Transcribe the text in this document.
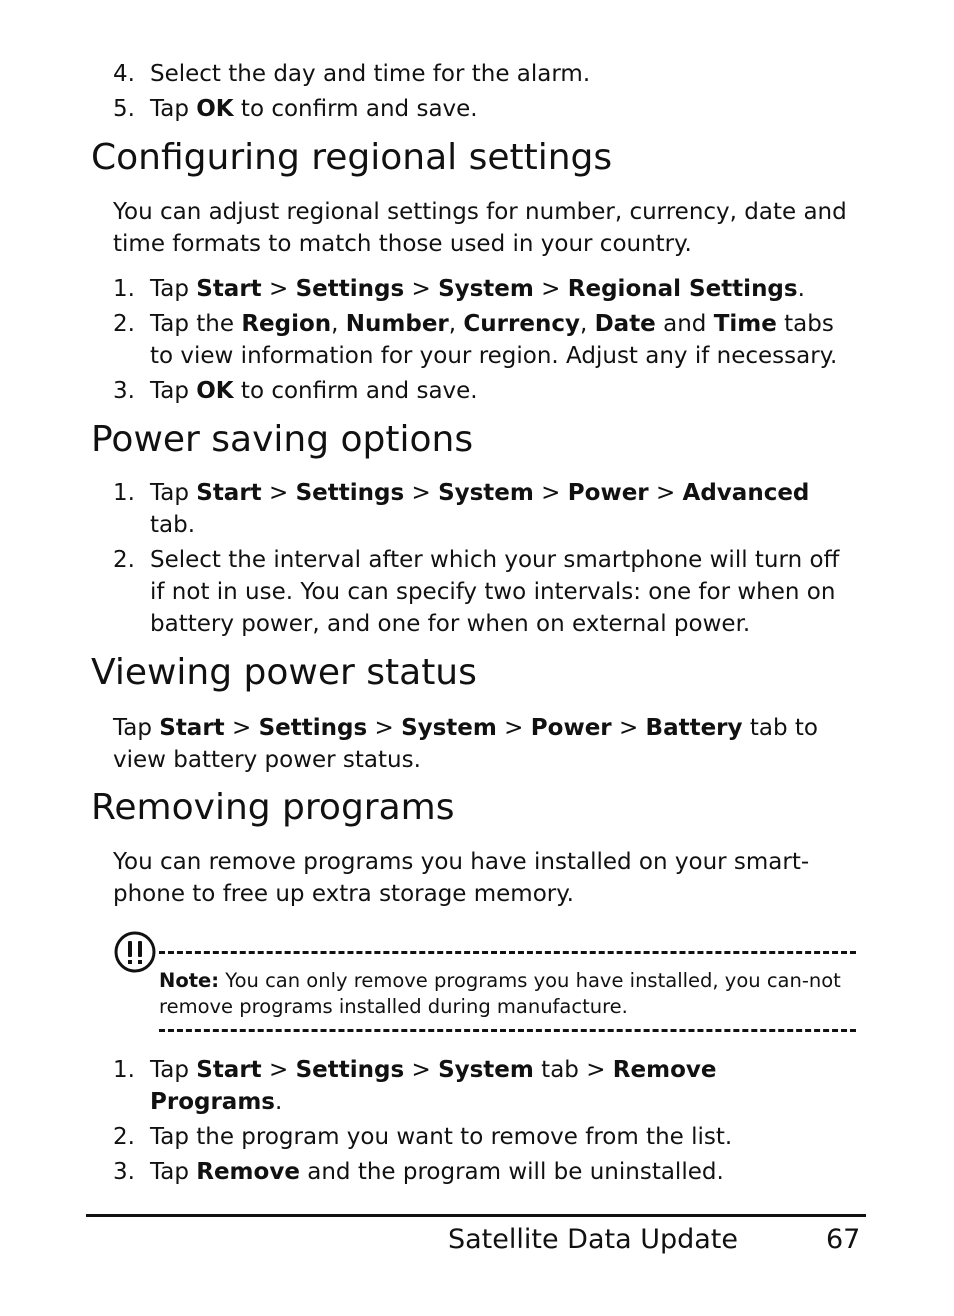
4. Select the day and time for the alarm.
5. Tap OK to confirm and save.
Configuring regional settings

You can adjust regional settings for number, currency, date and time formats to match those used in your country.

1. Tap Start > Settings > System > Regional Settings.
2. Tap the Region, Number, Currency, Date and Time tabs to view information for your region. Adjust any if necessary.
3. Tap OK to confirm and save.
Power saving options
1. Tap Start > Settings > System > Power > Advanced tab.
2. Select the interval after which your smartphone will turn off if not in use. You can specify two intervals: one for when on battery power, and one for when on external power.
Viewing power status

Tap Start > Settings > System > Power > Battery tab to view battery power status.

Removing programs

You can remove programs you have installed on your smart-phone to free up extra storage memory.

Note: You can only remove programs you have installed, you can-not remove programs installed during manufacture.
1. Tap Start > Settings > System tab > Remove Programs.
2. Tap the program you want to remove from the list.
3. Tap Remove and the program will be uninstalled.
Satellite Data Update	67
